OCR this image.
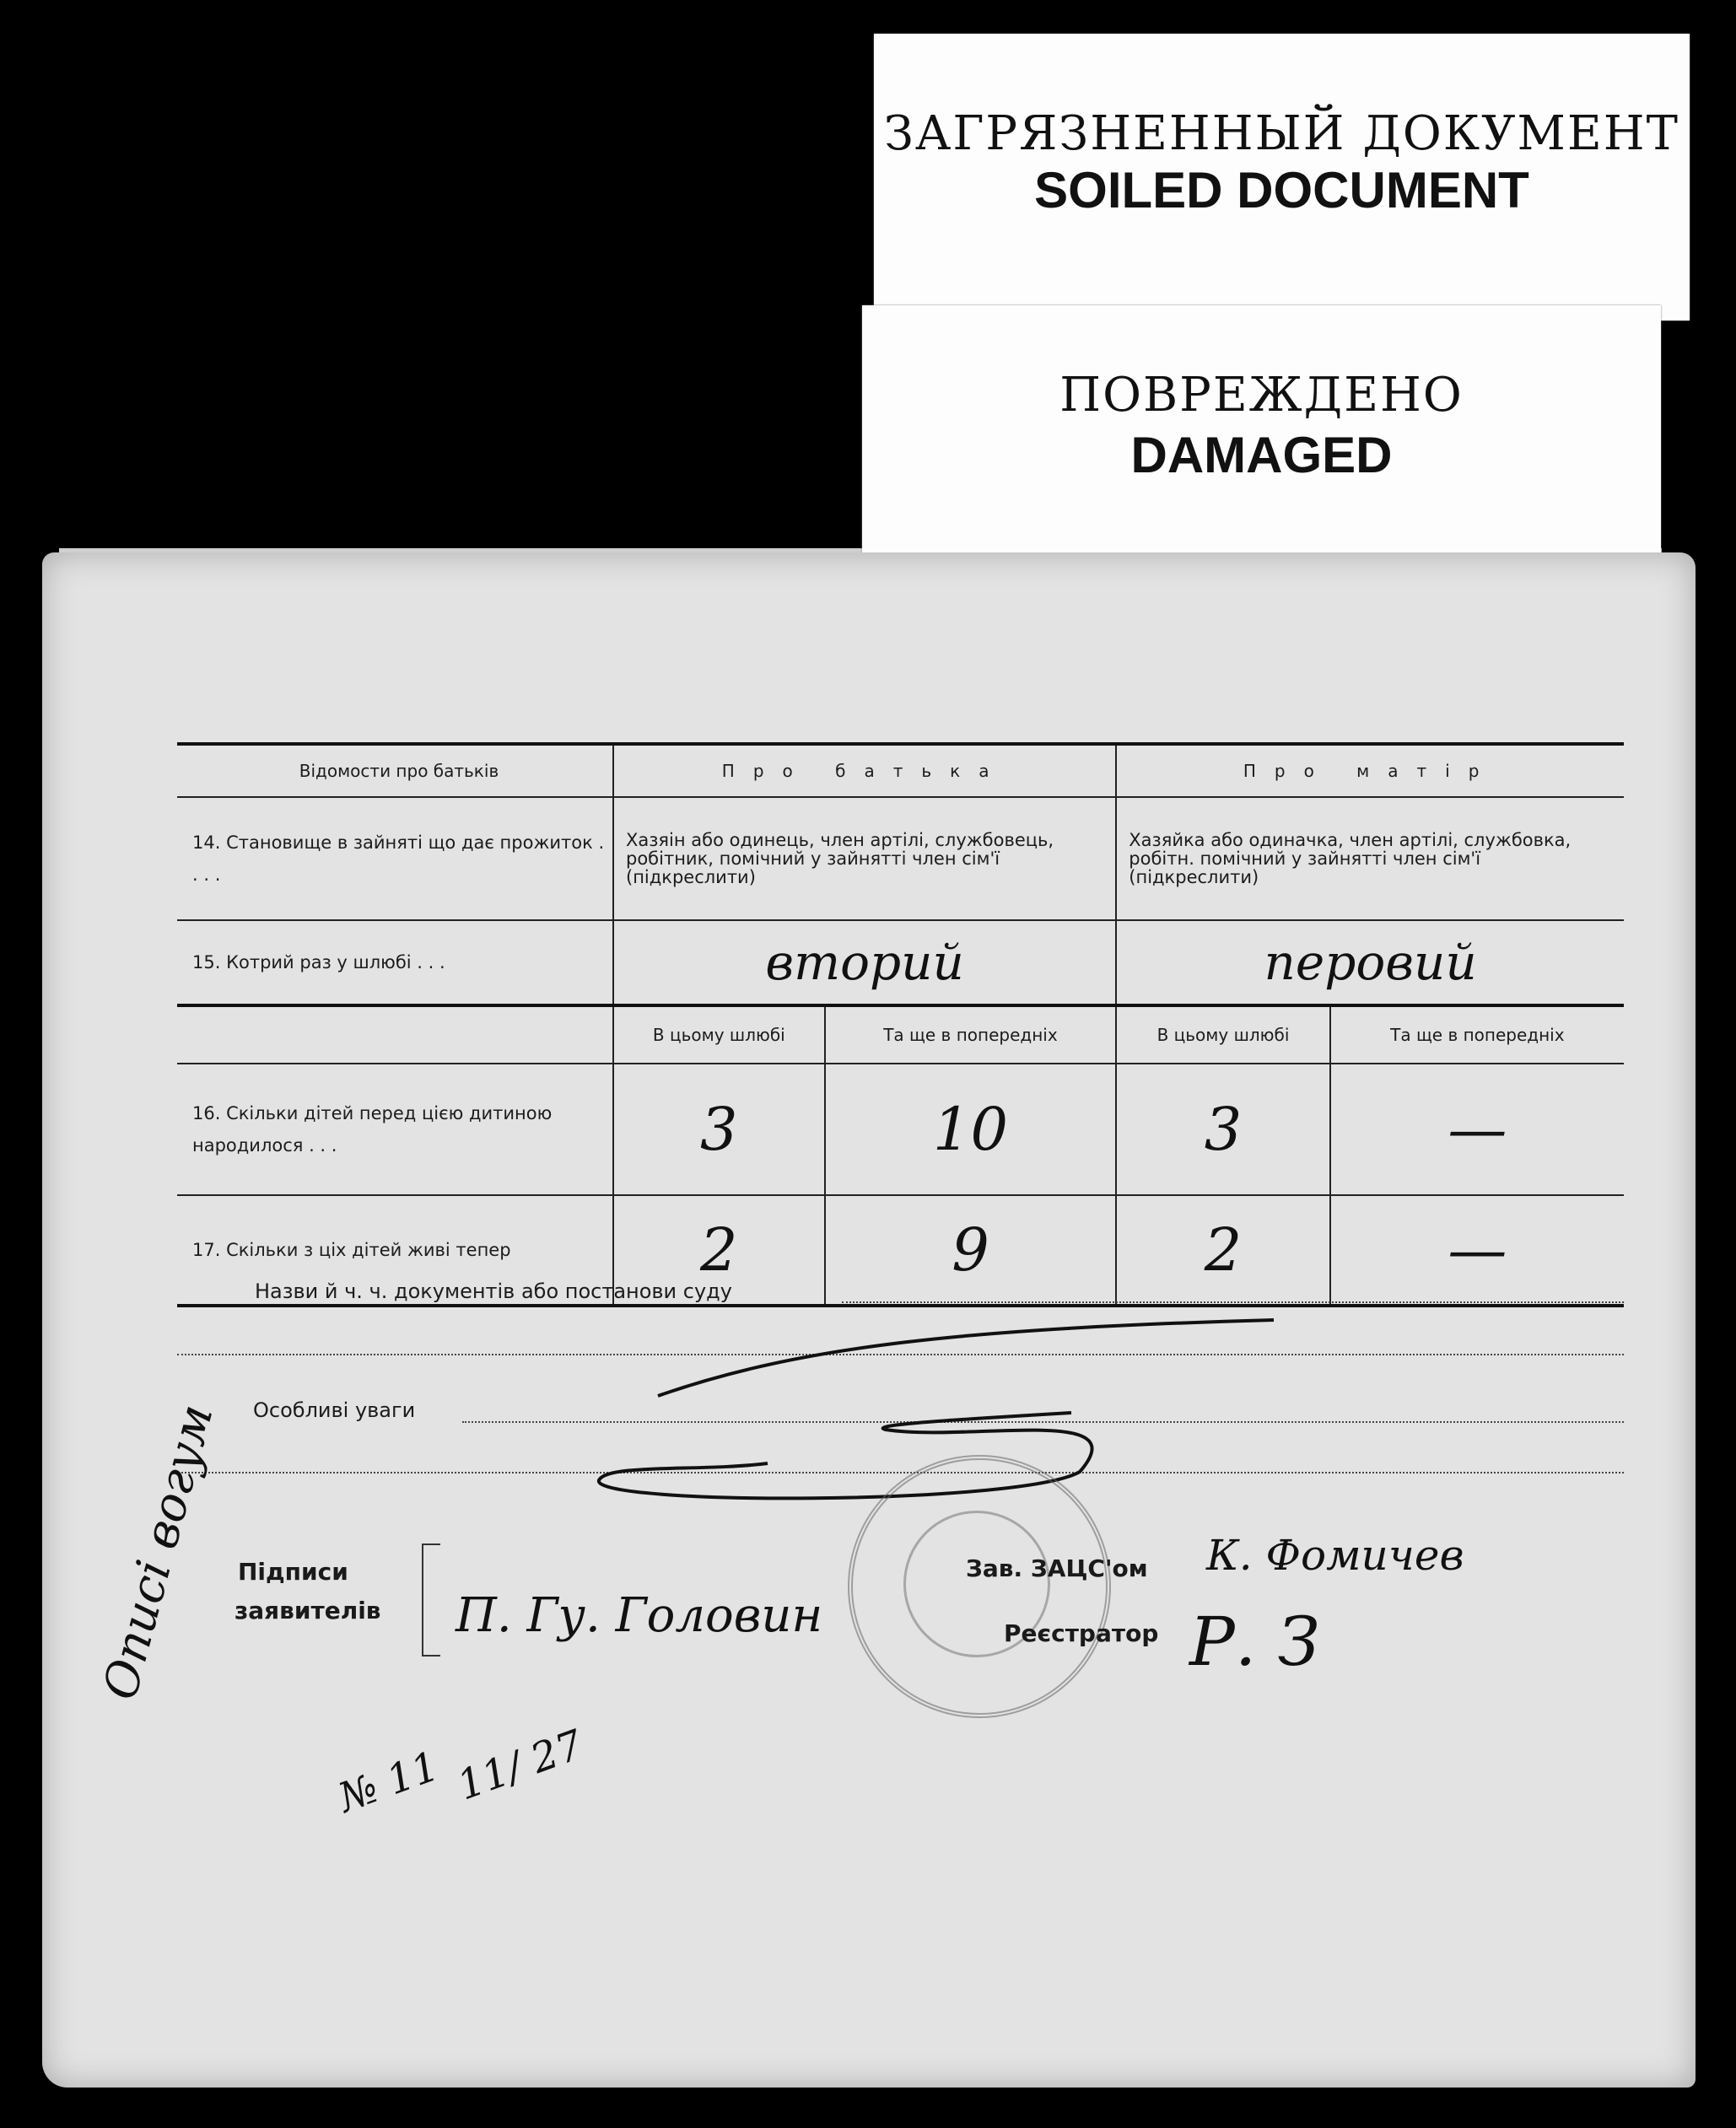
ЗАГРЯЗНЕННЫЙ ДОКУМЕНТ
SOILED DOCUMENT
ПОВРЕЖДЕНО
DAMAGED
Відомости про батьків	Про батька		Про матір	
14. Становище в зайняті що дає прожиток . . . .	Хазяін або одинець, член артілі, службовець, робітник, помічний у зайнятті член сім'ї (підкреслити)		Хазяйка або одиначка, член артілі, службовка, робітн. помічний у зайнятті член сім'ї (підкреслити)	
15. Котрий раз у шлюбі . . .	вторий		перовий	
	В цьому шлюбі	Та ще в попередніх	В цьому шлюбі	Та ще в попередніх
16. Скільки дітей перед цією дитиною народилося . . .	3	10	3	—
17. Скільки з ціх дітей живі тепер	2	9	2	—
Назви й ч. ч. документів або постанови суду
Особливі уваги
Підписи
заявителів П. Гу. Головин
Зав. ЗАЦС'ом К. Фомичев
Реєстратор Р. З
Описі вогум
№ 11 11/ 27
